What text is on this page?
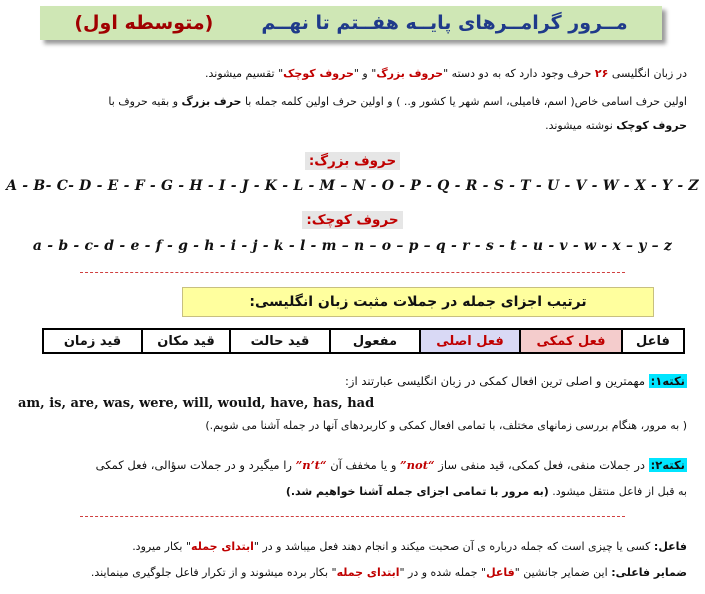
مــرور گرامــرهای پایــه هفــتم تا نهــم
(متوسطه اول)
در زبان انگلیسی ۲۶ حرف وجود دارد که به دو دسته "حروف بزرگ" و "حروف کوچک" تقسیم میشوند.
اولین حرف اسامی خاص( اسم، فامیلی، اسم شهر یا کشور و.. ) و اولین حرف اولین کلمه جمله با حرف بزرگ و بقیه حروف با
حروف کوچک نوشته میشوند.
حروف بزرگ:
A - B- C- D - E - F - G - H - I - J - K - L - M – N - O - P - Q - R - S - T - U - V - W - X - Y - Z
حروف کوچک:
a - b - c- d - e - f - g - h - i - j - k - l - m – n – o – p – q - r - s - t - u - v - w - x – y – z
ترتیب اجزای جمله در جملات مثبت زبان انگلیسی:
فاعل	فعل کمکی	فعل اصلی	مفعول	قید حالت	قید مکان	قید زمان
نکته۱: مهمترین و اصلی ترین افعال کمکی در زبان انگلیسی عبارتند از:
am, is, are, was, were, will, would, have, has, had
( به مرور، هنگام بررسی زمانهای مختلف، با تمامی افعال کمکی و کاربردهای آنها در جمله آشنا می شویم.)
نکته۲: در جملات منفی، فعل کمکی، قید منفی ساز “not” و یا مخفف آن “n’t” را میگیرد و در جملات سؤالی، فعل کمکی
به قبل از فاعل منتقل میشود. (به مرور با تمامی اجزای جمله آشنا خواهیم شد.)
فاعل: کسی یا چیزی است که جمله درباره ی آن صحبت میکند و انجام دهند فعل میباشد و در "ابتدای جمله" بکار میرود.
ضمایر فاعلی: این ضمایر جانشین "فاعل" جمله شده و در "ابتدای جمله" بکار برده میشوند و از تکرار فاعل جلوگیری مینمایند.
